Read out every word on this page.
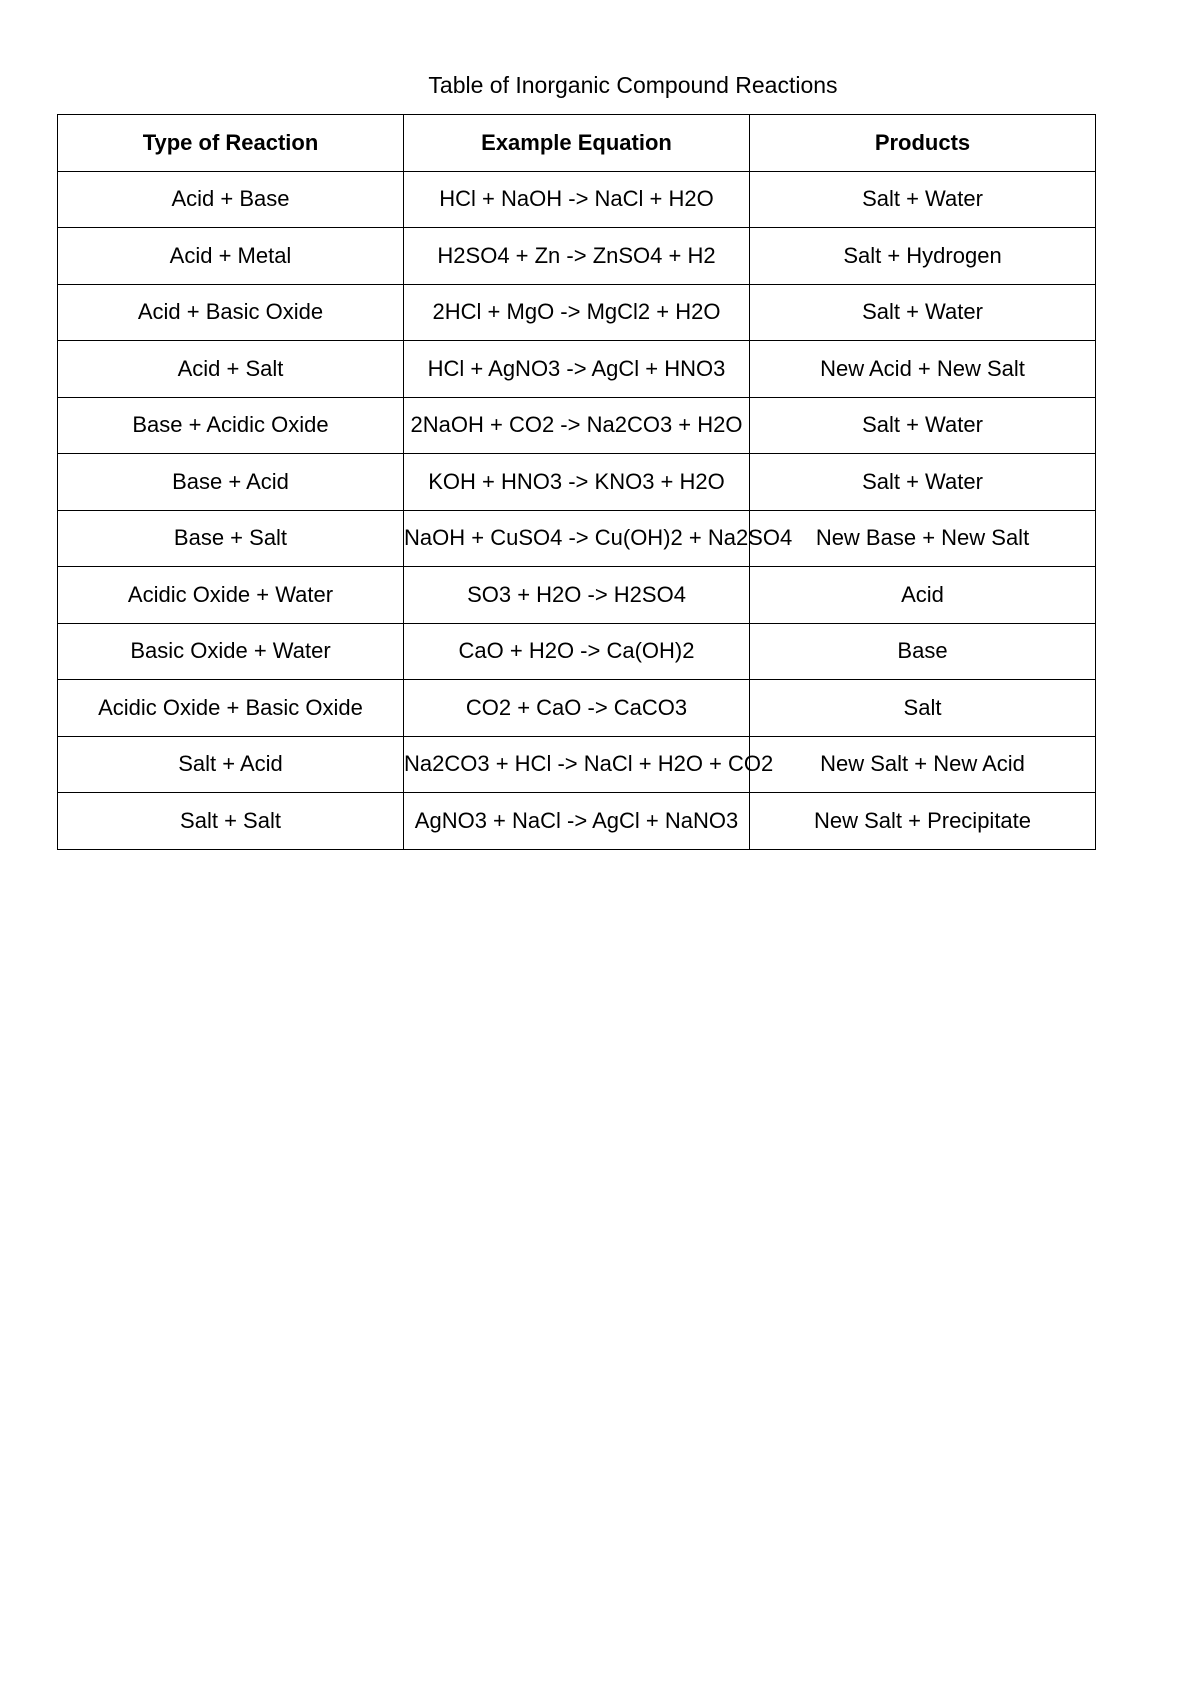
Table of Inorganic Compound Reactions
Type of Reaction	Example Equation	Products
Acid + Base	HCl + NaOH -> NaCl + H2O	Salt + Water
Acid + Metal	H2SO4 + Zn -> ZnSO4 + H2	Salt + Hydrogen
Acid + Basic Oxide	2HCl + MgO -> MgCl2 + H2O	Salt + Water
Acid + Salt	HCl + AgNO3 -> AgCl + HNO3	New Acid + New Salt
Base + Acidic Oxide	2NaOH + CO2 -> Na2CO3 + H2O	Salt + Water
Base + Acid	KOH + HNO3 -> KNO3 + H2O	Salt + Water
Base + Salt	NaOH + CuSO4 -> Cu(OH)2 + Na2SO4	New Base + New Salt
Acidic Oxide + Water	SO3 + H2O -> H2SO4	Acid
Basic Oxide + Water	CaO + H2O -> Ca(OH)2	Base
Acidic Oxide + Basic Oxide	CO2 + CaO -> CaCO3	Salt
Salt + Acid	Na2CO3 + HCl -> NaCl + H2O + CO2	New Salt + New Acid
Salt + Salt	AgNO3 + NaCl -> AgCl + NaNO3	New Salt + Precipitate
